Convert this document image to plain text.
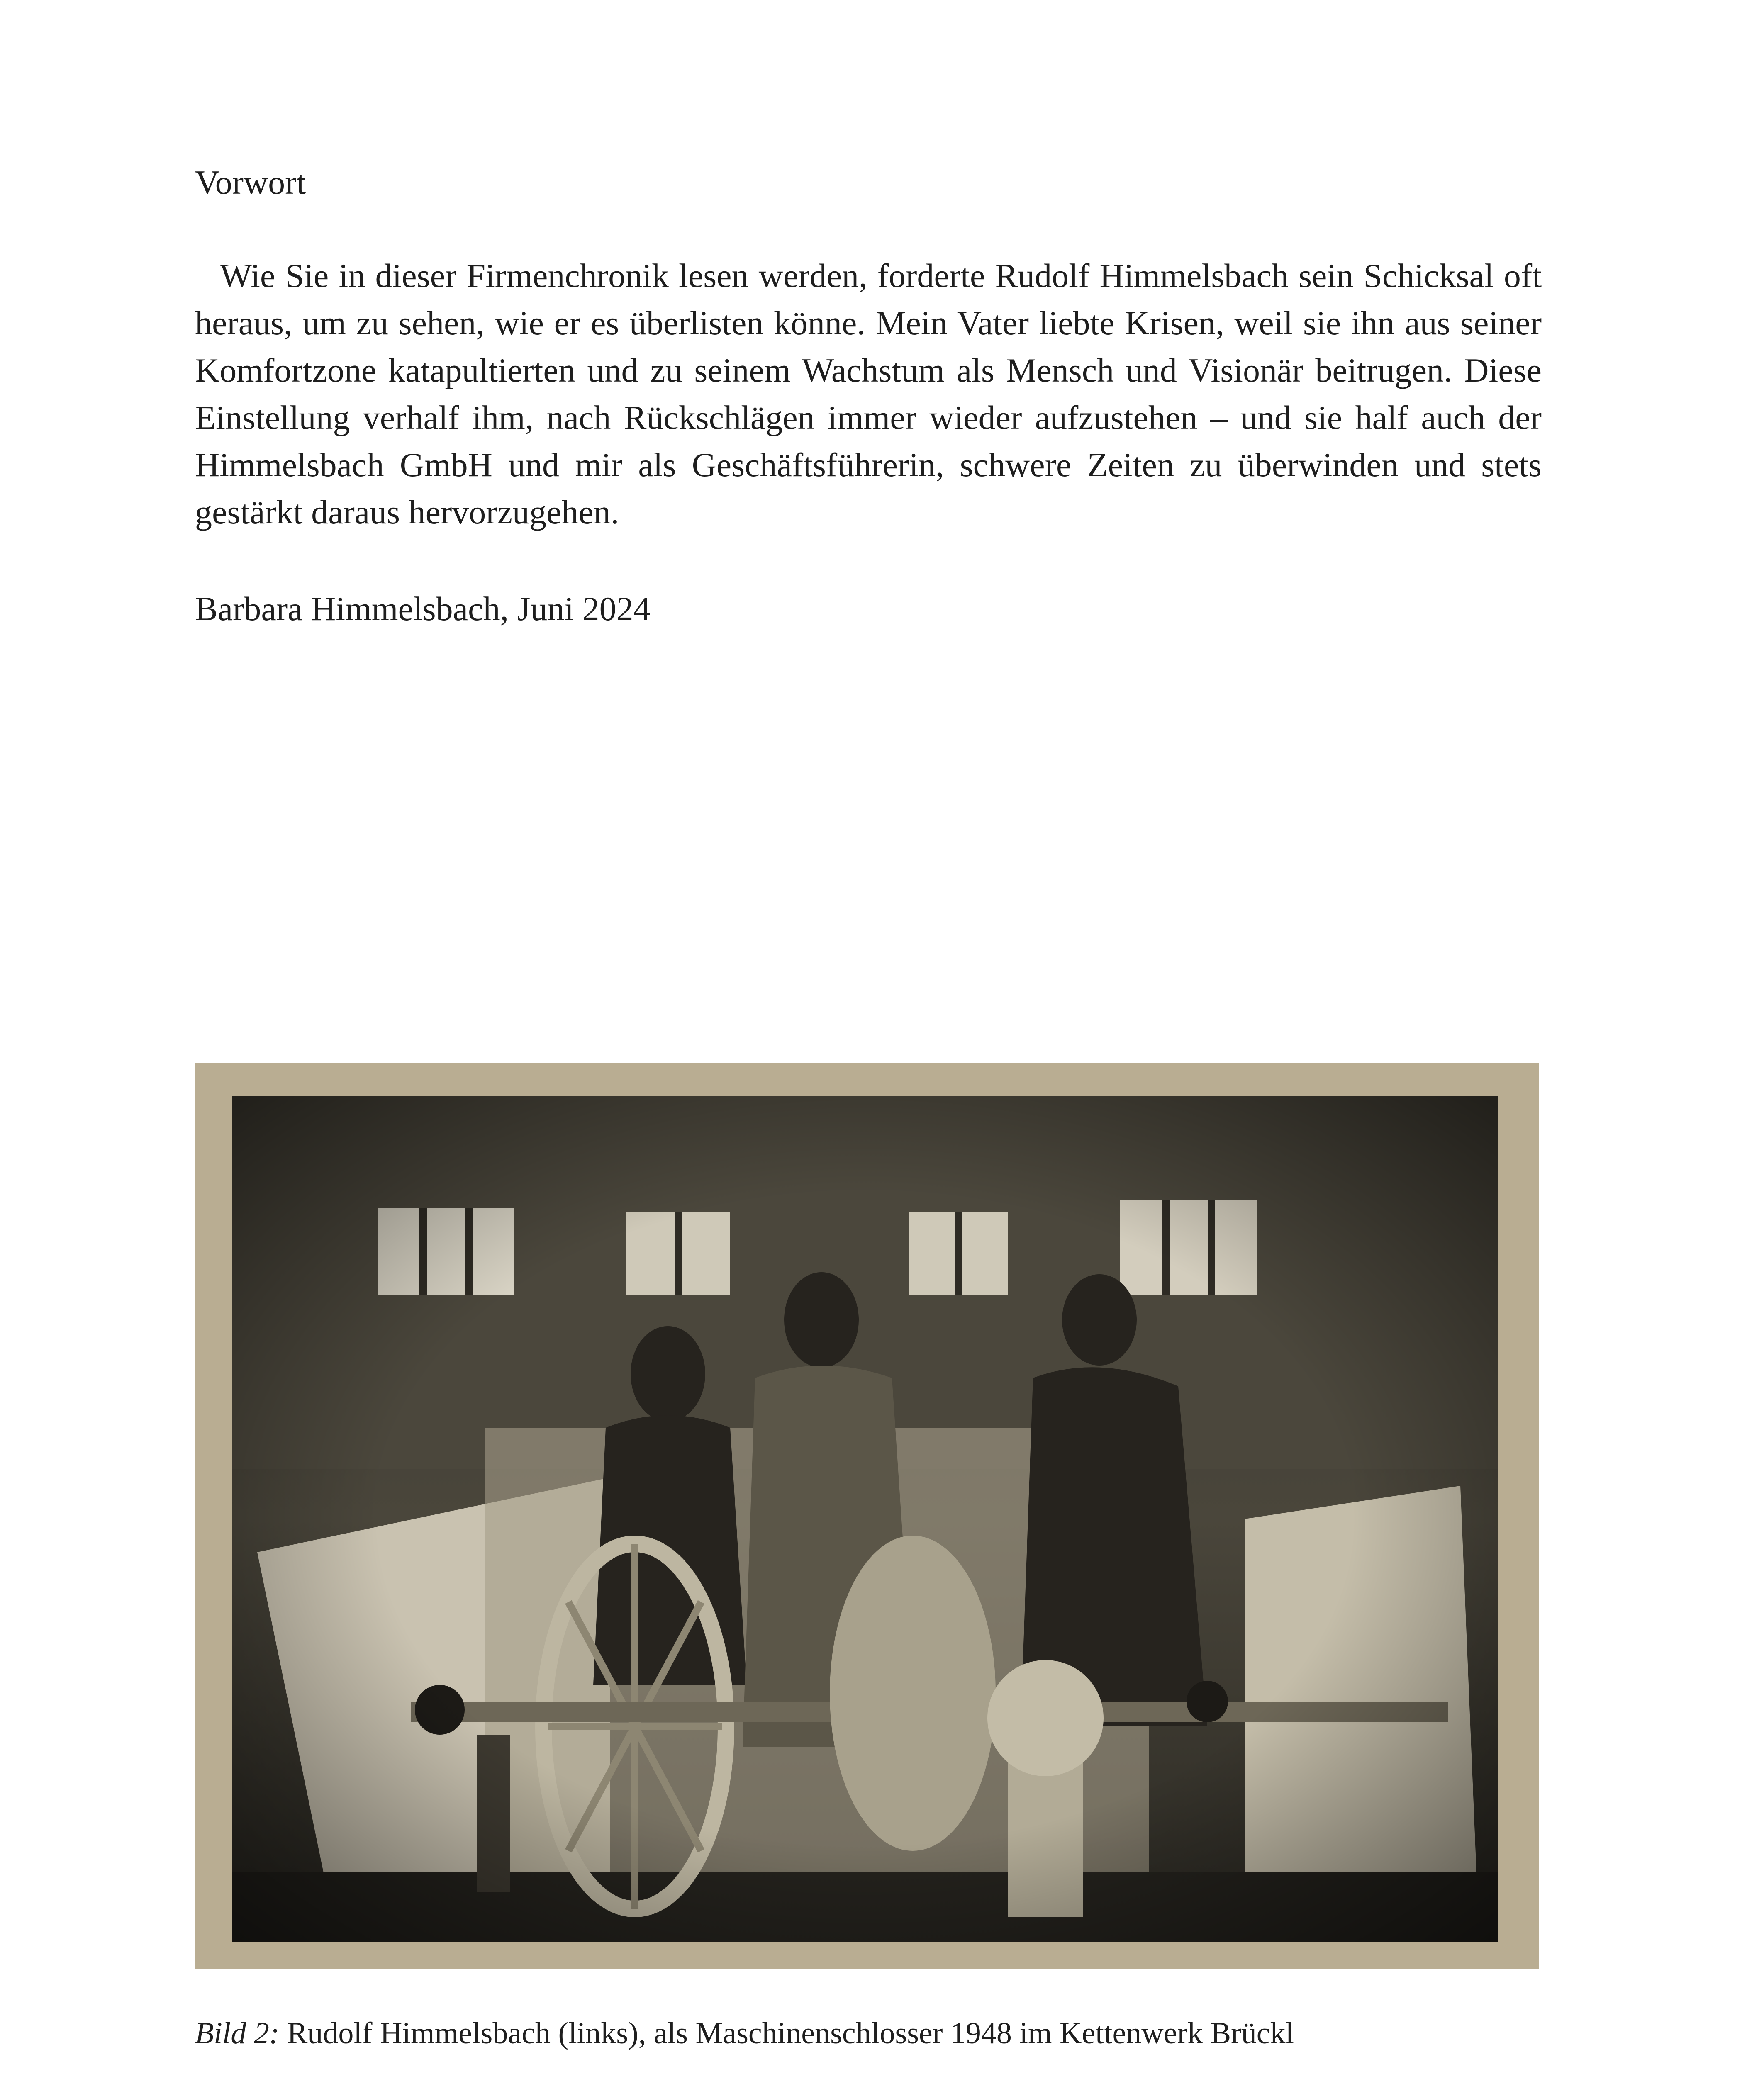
Vorwort

Wie Sie in dieser Firmenchronik lesen werden, forderte Rudolf Himmelsbach sein Schicksal oft heraus, um zu sehen, wie er es überlisten könne. Mein Vater liebte Krisen, weil sie ihn aus seiner Komfortzone katapultierten und zu seinem Wachstum als Mensch und Visionär beitrugen. Diese Einstellung verhalf ihm, nach Rückschlägen immer wieder aufzustehen – und sie half auch der Himmelsbach GmbH und mir als Geschäftsführerin, schwere Zeiten zu überwinden und stets gestärkt daraus hervorzugehen.

Barbara Himmelsbach, Juni 2024

Bild 2: Rudolf Himmelsbach (links), als Maschinenschlosser 1948 im Kettenwerk Brückl
